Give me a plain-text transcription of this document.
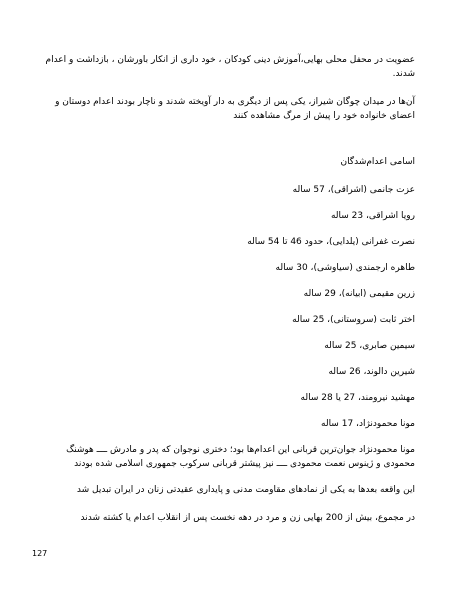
عضویت در محفل محلی بهایی،آموزش دینی کودکان ، خود داری از انکار باورشان ، بازداشت و اعدام
شدند.
آن‌ها در میدان چوگان شیراز، یکی پس از دیگری به دار آویخته شدند و ناچار بودند اعدام دوستان و
اعضای خانواده خود را پیش از مرگ مشاهده کنند
اسامی اعدام‌شدگان
عزت جانمی (اشراقی)، 57 ساله
رویا اشراقی، 23 ساله
نصرت غفرانی (یلدایی)، حدود 46 تا 54 ساله
طاهره ارجمندی (سیاوشی)، 30 ساله
زرین مقیمی (ابیانه)، 29 ساله
اختر ثابت (سروستانی)، 25 ساله
سیمین صابری، 25 ساله
شیرین دالوند، 26 ساله
مهشید نیرومند، 27 یا 28 ساله
مونا محمودنژاد، 17 ساله
مونا محمودنژاد جوان‌ترین قربانی این اعدام‌ها بود؛ دختری نوجوان که پدر و مادرش ــــ هوشنگ
محمودی و ژینوس نعمت محمودی ــــ نیز پیشتر قربانی سرکوب جمهوری اسلامی شده بودند
این واقعه بعدها به یکی از نمادهای مقاومت مدنی و پایداری عقیدتی زنان در ایران تبدیل شد
در مجموع، بیش از 200 بهایی زن و مرد در دهه نخست پس از انقلاب اعدام یا کشته شدند
127
